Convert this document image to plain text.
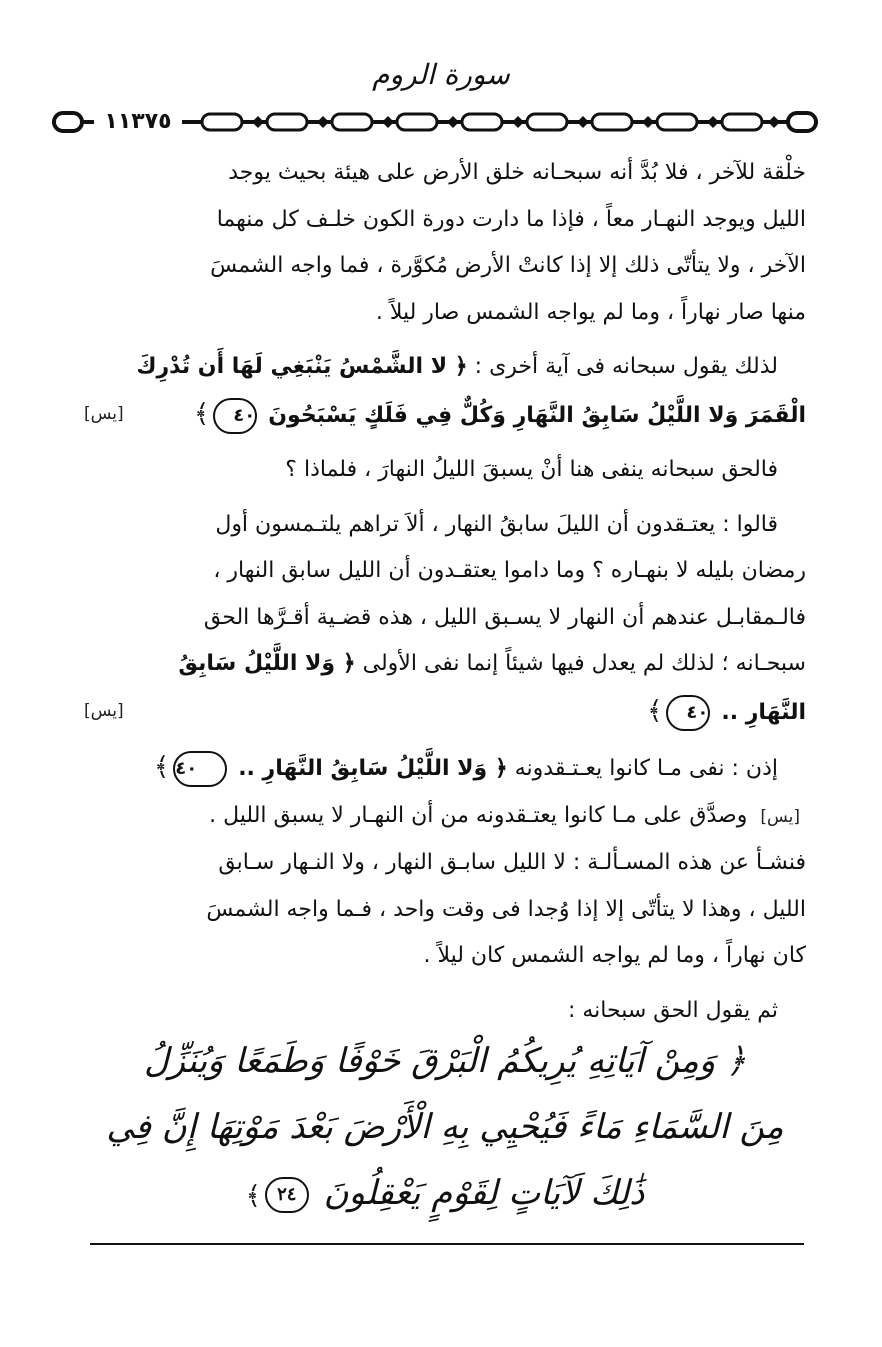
سورة الروم
١١٣٧٥
خلْقة للآخر ، فلا بُدَّ أنه سبحـانه خلق الأرض على هيئة بحيث يوجد
الليل ويوجد النهـار معاً ، فإذا ما دارت دورة الكون خلـف كل منهما
الآخر ، ولا يتأتّى ذلك إلا إذا كانتْ الأرض مُكوَّرة ، فما واجه الشمسَ
منها صار نهاراً ، وما لم يواجه الشمس صار ليلاً .
لذلك يقول سبحانه فى آية أخرى : ﴿ لا الشَّمْسُ يَنْبَغِي لَهَا أَن تُدْرِكَ
الْقَمَرَ وَلا اللَّيْلُ سَابِقُ النَّهَارِ وَكُلٌّ فِي فَلَكٍ يَسْبَحُونَ ٤٠﴾
[يس]
فالحق سبحانه ينفى هنا أنْ يسبقَ الليلُ النهارَ ، فلماذا ؟
قالوا : يعتـقدون أن الليلَ سابقُ النهار ، ألاَ تراهم يلتـمسون أول
رمضان بليله لا بنهـاره ؟ وما داموا يعتقـدون أن الليل سابق النهار ،
فالـمقابـل عندهم أن النهار لا يسـبق الليل ، هذه قضـية أقـرَّها الحق
سبحـانه ؛ لذلك لم يعدل فيها شيئاً إنما نفى الأولى ﴿ وَلا اللَّيْلُ سَابِقُ
النَّهَارِ .. ٤٠﴾
[يس]
إذن : نفى مـا كانوا يعـتـقدونه ﴿ وَلا اللَّيْلُ سَابِقُ النَّهَارِ .. ٤٠﴾
[يس] وصدَّق على مـا كانوا يعتـقدونه من أن النهـار لا يسبق الليل .
فنشـأ عن هذه المسـألـة : لا الليل سابـق النهار ، ولا النـهار سـابق
الليل ، وهذا لا يتأتّى إلا إذا وُجدا فى وقت واحد ، فـما واجه الشمسَ
كان نهاراً ، وما لم يواجه الشمس كان ليلاً .
ثم يقول الحق سبحانه :
﴿ وَمِنْ آيَاتِهِ يُرِيكُمُ الْبَرْقَ خَوْفًا وَطَمَعًا وَيُنَزِّلُ
مِنَ السَّمَاءِ مَاءً فَيُحْيِي بِهِ الْأَرْضَ بَعْدَ مَوْتِهَا إِنَّ فِي
ذَٰلِكَ لَآيَاتٍ لِقَوْمٍ يَعْقِلُونَ ٢٤﴾
